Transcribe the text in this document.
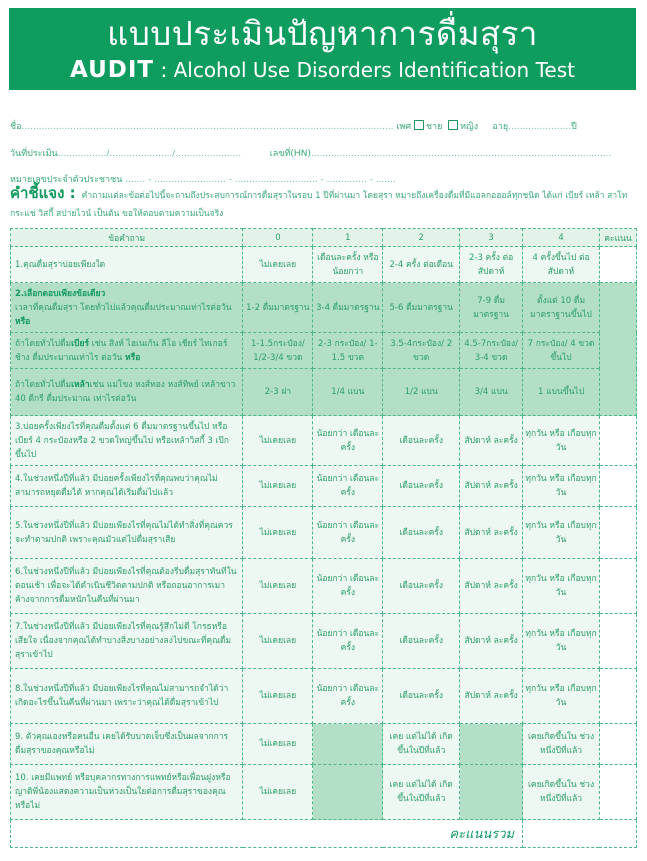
แบบประเมินปัญหาการดื่มสุรา
AUDIT : Alcohol Use Disorders Identification Test
ชื่อ.................................................................................................................................. เพศ ชาย หญิง อายุ......................ปี
วันที่ประเมิน................./....................../.......................	เลขที่(HN).........................................................................................................
หมายเลขประจำตัวประชาชน ....... - ......................... - ............................. - .............. - .......
คำชี้แจง : คำถามแต่ละข้อต่อไปนี้จะถามถึงประสบการณ์การดื่มสุราในรอบ 1 ปีที่ผ่านมา โดยสุรา หมายถึงเครื่องดื่มที่มีแอลกอฮอล์ทุกชนิด ได้แก่ เบียร์ เหล้า สาโท กระแช่ วิสกี้ สปายไวน์ เป็นต้น ขอให้ตอบตามความเป็นจริง
ข้อคำถาม	0	1	2	3	4	คะแนน
1.คุณดื่มสุราบ่อยเพียงใด	ไม่เคยเลย	เดือนละครั้ง หรือน้อยกว่า	2-4 ครั้ง ต่อเดือน	2-3 ครั้ง ต่อสัปดาห์	4 ครั้งขึ้นไป ต่อสัปดาห์	
2.เลือกตอบเพียงข้อเดียว
เวลาที่คุณดื่มสุรา โดยทั่วไปแล้วคุณดื่มประมาณเท่าไรต่อวัน หรือ	1-2 ดื่มมาตรฐาน	3-4 ดื่มมาตรฐาน	5-6 ดื่มมาตรฐาน	7-9 ดื่มมาตรฐาน	ตั้งแต่ 10 ดื่ม มาตราฐานขึ้นไป	
ถ้าโดยทั่วไปดื่มเบียร์ เช่น สิงห์ ไฮเนเก้น ลีโอ เชียร์ ไทเกอร์ ช้าง ดื่มประมาณเท่าไร ต่อวัน หรือ	1-1.5กระป๋อง/ 1/2-3/4 ขวด	2-3 กระป๋อง/ 1-1.5 ขวด	3.5-4กระป๋อง/ 2 ขวด	4.5-7กระป๋อง/ 3-4 ขวด	7 กระป๋อง/ 4 ขวดขึ้นไป	
ถ้าโดยทั่วไปดื่มเหล้าเช่น แม่โขง หงส์ทอง หงส์ทิพย์ เหล้าขาว 40 ดีกรี ดื่มประมาณ เท่าไรต่อวัน	2-3 ฝา	1/4 แบน	1/2 แบน	3/4 แบน	1 แบนขึ้นไป	
3.บ่อยครั้งเพียงไรที่คุณดื่มตั้งแต่ 6 ดื่มมาตรฐานขึ้นไป หรือเบียร์ 4 กระป๋องหรือ 2 ขวดใหญ่ขึ้นไป หรือเหล้าวิสกี้ 3 เป๊กขึ้นไป	ไม่เคยเลย	น้อยกว่า เดือนละครั้ง	เดือนละครั้ง	สัปดาห์ ละครั้ง	ทุกวัน หรือ เกือบทุกวัน	
4.ในช่วงหนึ่งปีที่แล้ว มีบ่อยครั้งเพียงไรที่คุณพบว่าคุณไม่สามารถหยุดดื่มได้ หากคุณได้เริ่มดื่มไปแล้ว	ไม่เคยเลย	น้อยกว่า เดือนละครั้ง	เดือนละครั้ง	สัปดาห์ ละครั้ง	ทุกวัน หรือ เกือบทุกวัน	
5.ในช่วงหนึ่งปีที่แล้ว มีบ่อยเพียงไรที่คุณไม่ได้ทำสิ่งที่คุณควรจะทำตามปกติ เพราะคุณมัวแต่ไปดื่มสุราเสีย	ไม่เคยเลย	น้อยกว่า เดือนละครั้ง	เดือนละครั้ง	สัปดาห์ ละครั้ง	ทุกวัน หรือ เกือบทุกวัน	
6.ในช่วงหนึ่งปีที่แล้ว มีบ่อยเพียงไรที่คุณต้องรีบดื่มสุราทันทีในตอนเช้า เพื่อจะได้ดำเนินชีวิตตามปกติ หรือถอนอาการเมาค้างจากการดื่มหนักในคืนที่ผ่านมา	ไม่เคยเลย	น้อยกว่า เดือนละครั้ง	เดือนละครั้ง	สัปดาห์ ละครั้ง	ทุกวัน หรือ เกือบทุกวัน	
7.ในช่วงหนึ่งปีที่แล้ว มีบ่อยเพียงไรที่คุณรู้สึกไม่ดี โกรธหรือเสียใจ เนื่องจากคุณได้ทำบางสิ่งบางอย่างลงไปขณะที่คุณดื่มสุราเข้าไป	ไม่เคยเลย	น้อยกว่า เดือนละครั้ง	เดือนละครั้ง	สัปดาห์ ละครั้ง	ทุกวัน หรือ เกือบทุกวัน	
8.ในช่วงหนึ่งปีที่แล้ว มีบ่อยเพียงไรที่คุณไม่สามารถจำได้ว่าเกิดอะไรขึ้นในคืนที่ผ่านมา เพราะว่าคุณได้ดื่มสุราเข้าไป	ไม่เคยเลย	น้อยกว่า เดือนละครั้ง	เดือนละครั้ง	สัปดาห์ ละครั้ง	ทุกวัน หรือ เกือบทุกวัน	
9. ตัวคุณเองหรือคนอื่น เคยได้รับบาดเจ็บซึ่งเป็นผลจากการดื่มสุราของคุณหรือไม่	ไม่เคยเลย		เคย แต่ไม่ได้ เกิดขึ้นในปีที่แล้ว		เคยเกิดขึ้นใน ช่วงหนึ่งปีที่แล้ว	
10. เคยมีแพทย์ หรือบุคลากรทางการแพทย์หรือเพื่อนฝูงหรือญาติพี่น้องแสดงความเป็นห่วงเป็นใยต่อการดื่มสุราของคุณหรือไม่	ไม่เคยเลย		เคย แต่ไม่ได้ เกิดขึ้นในปีที่แล้ว		เคยเกิดขึ้นใน ช่วงหนึ่งปีที่แล้ว	
คะแนนรวม						
